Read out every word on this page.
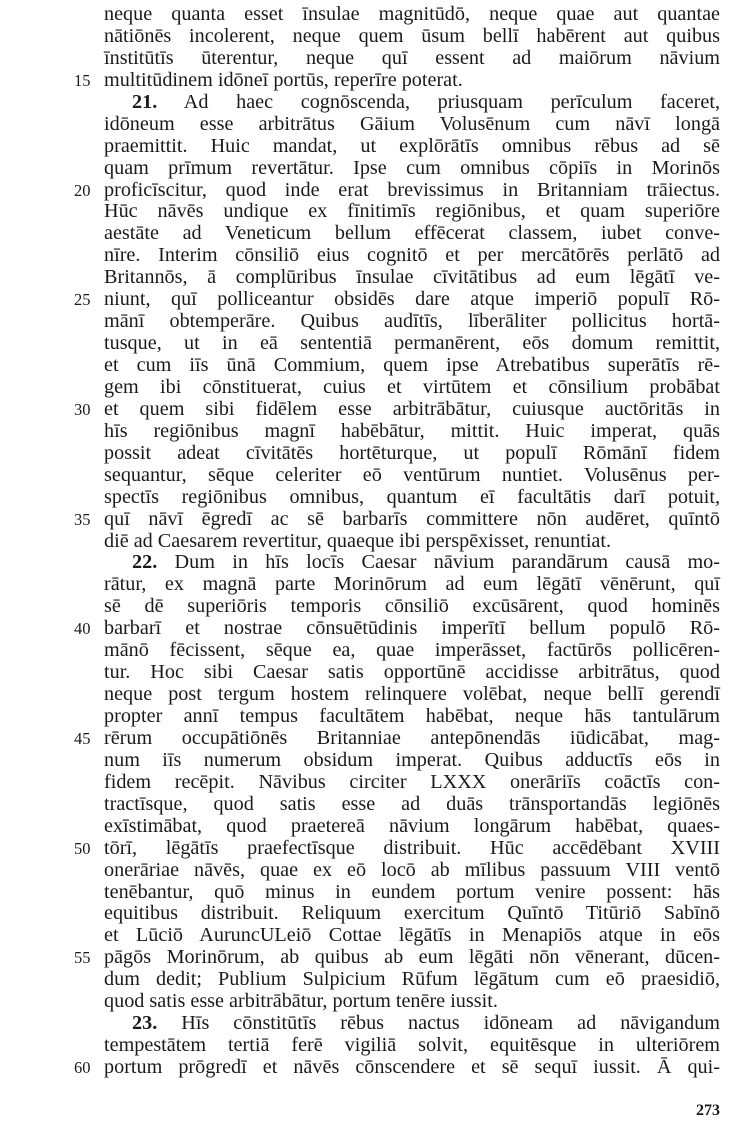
neque quanta esset īnsulae magnitūdō, neque quae aut quantae
nātiōnēs incolerent, neque quem ūsum bellī habērent aut quibus
īnstitūtīs ūterentur, neque quī essent ad maiōrum nāvium
15 multitūdinem idōneī portūs, reperīre poterat.
21. Ad haec cognōscenda, priusquam perīculum faceret,
idōneum esse arbitrātus Gāium Volusēnum cum nāvī longā
praemittit. Huic mandat, ut explōrātīs omnibus rēbus ad sē
quam prīmum revertātur. Ipse cum omnibus cōpiīs in Morinōs
20 proficīscitur, quod inde erat brevissimus in Britanniam trāiectus.
Hūc nāvēs undique ex fīnitimīs regiōnibus, et quam superiōre
aestāte ad Veneticum bellum effēcerat classem, iubet conve-
nīre. Interim cōnsiliō eius cognitō et per mercātōrēs perlātō ad
Britannōs, ā complūribus īnsulae cīvitātibus ad eum lēgātī ve-
25 niunt, quī polliceantur obsidēs dare atque imperiō populī Rō-
mānī obtemperāre. Quibus audītīs, līberāliter pollicitus hortā-
tusque, ut in eā sententiā permanērent, eōs domum remittit,
et cum iīs ūnā Commium, quem ipse Atrebatibus superātīs rē-
gem ibi cōnstituerat, cuius et virtūtem et cōnsilium probābat
30 et quem sibi fidēlem esse arbitrābātur, cuiusque auctōritās in
hīs regiōnibus magnī habēbātur, mittit. Huic imperat, quās
possit adeat cīvitātēs hortēturque, ut populī Rōmānī fidem
sequantur, sēque celeriter eō ventūrum nuntiet. Volusēnus per-
spectīs regiōnibus omnibus, quantum eī facultātis darī potuit,
35 quī nāvī ēgredī ac sē barbarīs committere nōn audēret, quīntō
diē ad Caesarem revertitur, quaeque ibi perspēxisset, renuntiat.
22. Dum in hīs locīs Caesar nāvium parandārum causā mo-
rātur, ex magnā parte Morinōrum ad eum lēgātī vēnērunt, quī
sē dē superiōris temporis cōnsiliō excūsārent, quod hominēs
40 barbarī et nostrae cōnsuētūdinis imperītī bellum populō Rō-
mānō fēcissent, sēque ea, quae imperāsset, factūrōs pollicēren-
tur. Hoc sibi Caesar satis opportūnē accidisse arbitrātus, quod
neque post tergum hostem relinquere volēbat, neque bellī gerendī
propter annī tempus facultātem habēbat, neque hās tantulārum
45 rērum occupātiōnēs Britanniae antepōnendās iūdicābat, mag-
num iīs numerum obsidum imperat. Quibus adductīs eōs in
fidem recēpit. Nāvibus circiter LXXX onerāriīs coāctīs con-
tractīsque, quod satis esse ad duās trānsportandās legiōnēs
exīstimābat, quod praetereā nāvium longārum habēbat, quaes-
50 tōrī, lēgātīs praefectīsque distribuit. Hūc accēdēbant XVIII
onerāriae nāvēs, quae ex eō locō ab mīlibus passuum VIII ventō
tenēbantur, quō minus in eundem portum venire possent: hās
equitibus distribuit. Reliquum exercitum Quīntō Titūriō Sabīnō
et Lūciō AuruncULeiō Cottae lēgātīs in Menapiōs atque in eōs
55 pāgōs Morinōrum, ab quibus ab eum lēgāti nōn vēnerant, dūcen-
dum dedit; Publium Sulpicium Rūfum lēgātum cum eō praesidiō,
quod satis esse arbitrābātur, portum tenēre iussit.
23. Hīs cōnstitūtīs rēbus nactus idōneam ad nāvigandum
tempestātem tertiā ferē vigiliā solvit, equitēsque in ulteriōrem
60 portum prōgredī et nāvēs cōnscendere et sē sequī iussit. Ā qui-
273
